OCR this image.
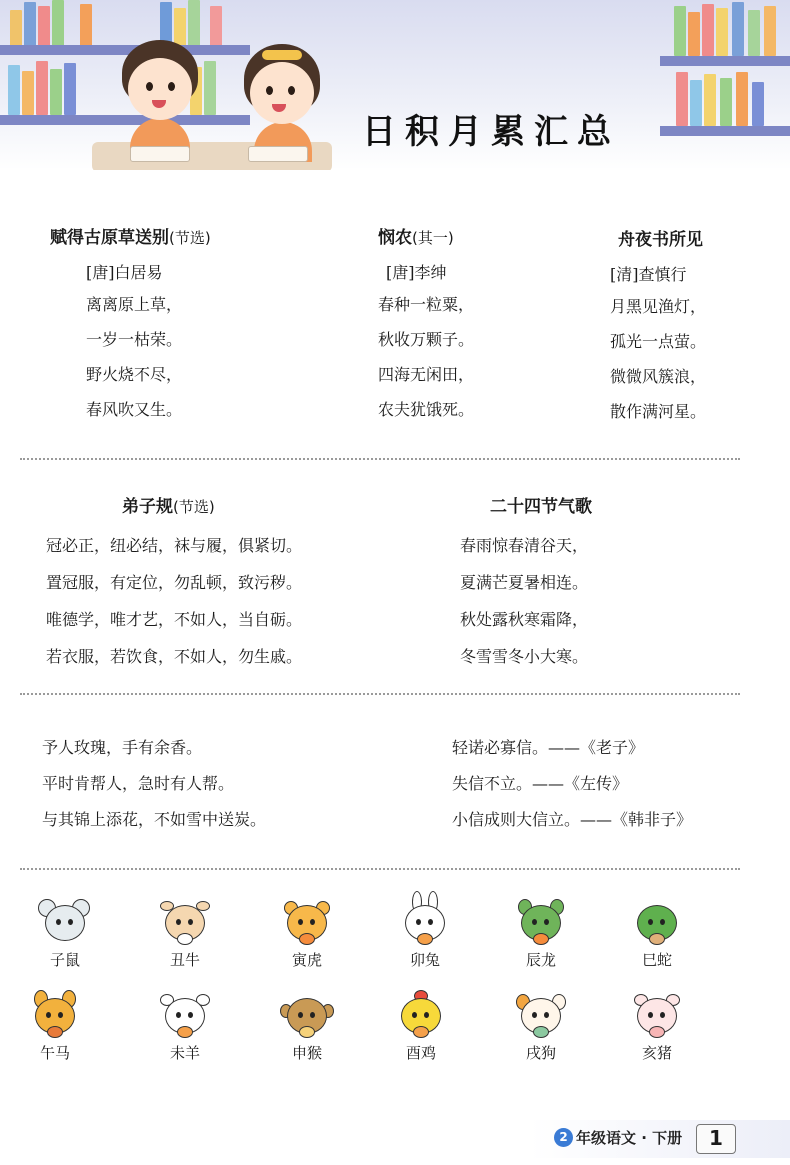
日积月累汇总
赋得古原草送别(节选)
[唐]白居易
离离原上草，
一岁一枯荣。
野火烧不尽，
春风吹又生。
悯农(其一)
[唐]李绅
春种一粒粟，
秋收万颗子。
四海无闲田，
农夫犹饿死。
舟夜书所见
[清]查慎行
月黑见渔灯，
孤光一点萤。
微微风簇浪，
散作满河星。
弟子规(节选)
冠必正，纽必结，袜与履，俱紧切。
置冠服，有定位，勿乱顿，致污秽。
唯德学，唯才艺，不如人，当自砺。
若衣服，若饮食，不如人，勿生戚。
二十四节气歌
春雨惊春清谷天，
夏满芒夏暑相连。
秋处露秋寒霜降，
冬雪雪冬小大寒。
予人玫瑰，手有余香。
平时肯帮人，急时有人帮。
与其锦上添花，不如雪中送炭。
轻诺必寡信。——《老子》
失信不立。——《左传》
小信成则大信立。——《韩非子》
子鼠	丑牛	寅虎	卯兔	辰龙	巳蛇
午马	未羊	申猴	酉鸡	戌狗	亥猪
2 年级语文 · 下册	1
